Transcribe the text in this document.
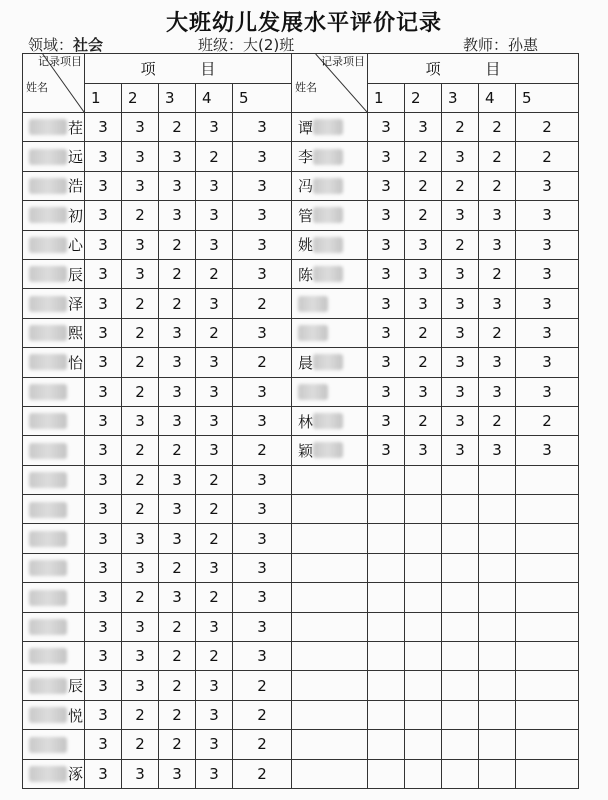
大班幼儿发展水平评价记录
领域：社会	班级：大(2)班	教师：孙惠
记录项目
姓名	项 目					记录项目
姓名	项 目				
	1	2	3	4	5		1	2	3	4	5
茬	3	3	2	3	3	谭	3	3	2	2	2
远	3	3	3	2	3	李	3	2	3	2	2
浩	3	3	3	3	3	冯	3	2	2	2	3
初	3	2	3	3	3	管	3	2	3	3	3
心	3	3	2	3	3	姚	3	3	2	3	3
辰	3	3	2	2	3	陈	3	3	3	2	3
泽	3	2	2	3	2		3	3	3	3	3
熙	3	2	3	2	3		3	2	3	2	3
怡	3	2	3	3	2	晨	3	2	3	3	3
	3	2	3	3	3		3	3	3	3	3
	3	3	3	3	3	林	3	2	3	2	2
	3	2	2	3	2	颖	3	3	3	3	3
	3	2	3	2	3						
	3	2	3	2	3						
	3	3	3	2	3						
	3	3	2	3	3						
	3	2	3	2	3						
	3	3	2	3	3						
	3	3	2	2	3						
辰	3	3	2	3	2						
悦	3	2	2	3	2						
	3	2	2	3	2						
涿	3	3	3	3	2						
